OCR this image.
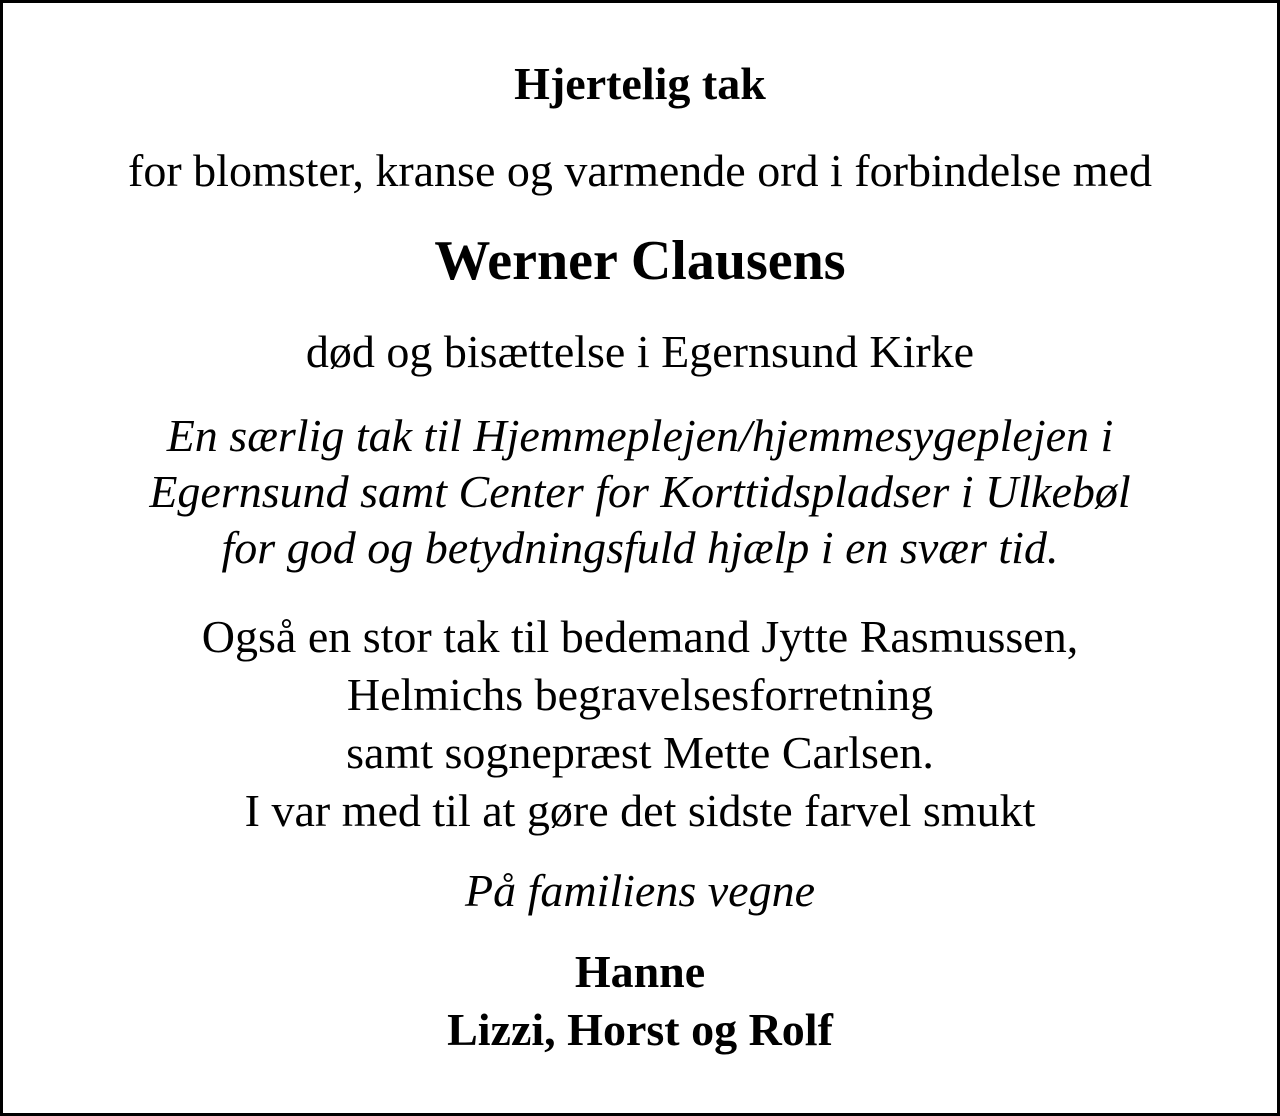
Hjertelig tak
for blomster, kranse og varmende ord i forbindelse med
Werner Clausens
død og bisættelse i Egernsund Kirke
En særlig tak til Hjemmeplejen/hjemmesygeplejen i
Egernsund samt Center for Korttidspladser i Ulkebøl
for god og betydningsfuld hjælp i en svær tid.
Også en stor tak til bedemand Jytte Rasmussen,
Helmichs begravelsesforretning
samt sognepræst Mette Carlsen.
I var med til at gøre det sidste farvel smukt
På familiens vegne
Hanne
Lizzi, Horst og Rolf
